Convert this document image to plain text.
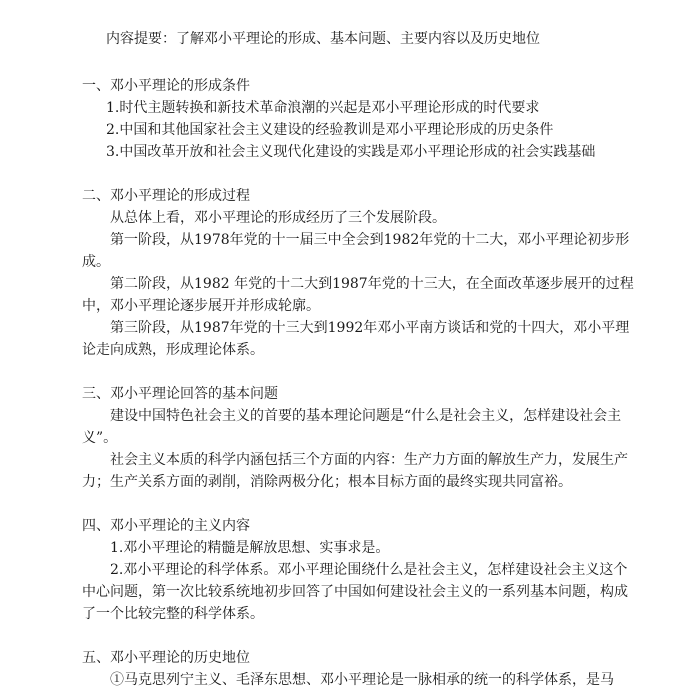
内容提要：了解邓小平理论的形成、基本问题、主要内容以及历史地位

一、邓小平理论的形成条件

1.时代主题转换和新技术革命浪潮的兴起是邓小平理论形成的时代要求

2.中国和其他国家社会主义建设的经验教训是邓小平理论形成的历史条件

3.中国改革开放和社会主义现代化建设的实践是邓小平理论形成的社会实践基础

二、邓小平理论的形成过程

从总体上看，邓小平理论的形成经历了三个发展阶段。

第一阶段，从1978年党的十一届三中全会到1982年党的十二大，邓小平理论初步形成。

第二阶段，从1982 年党的十二大到1987年党的十三大，在全面改革逐步展开的过程中，邓小平理论逐步展开并形成轮廓。

第三阶段，从1987年党的十三大到1992年邓小平南方谈话和党的十四大，邓小平理论走向成熟，形成理论体系。

三、邓小平理论回答的基本问题

建设中国特色社会主义的首要的基本理论问题是“什么是社会主义，怎样建设社会主义”。

社会主义本质的科学内涵包括三个方面的内容：生产力方面的解放生产力，发展生产力；生产关系方面的剥削，消除两极分化；根本目标方面的最终实现共同富裕。

四、邓小平理论的主义内容

1.邓小平理论的精髓是解放思想、实事求是。

2.邓小平理论的科学体系。邓小平理论围绕什么是社会主义，怎样建设社会主义这个中心问题，第一次比较系统地初步回答了中国如何建设社会主义的一系列基本问题，构成了一个比较完整的科学体系。

五、邓小平理论的历史地位

①马克思列宁主义、毛泽东思想、邓小平理论是一脉相承的统一的科学体系，是马
